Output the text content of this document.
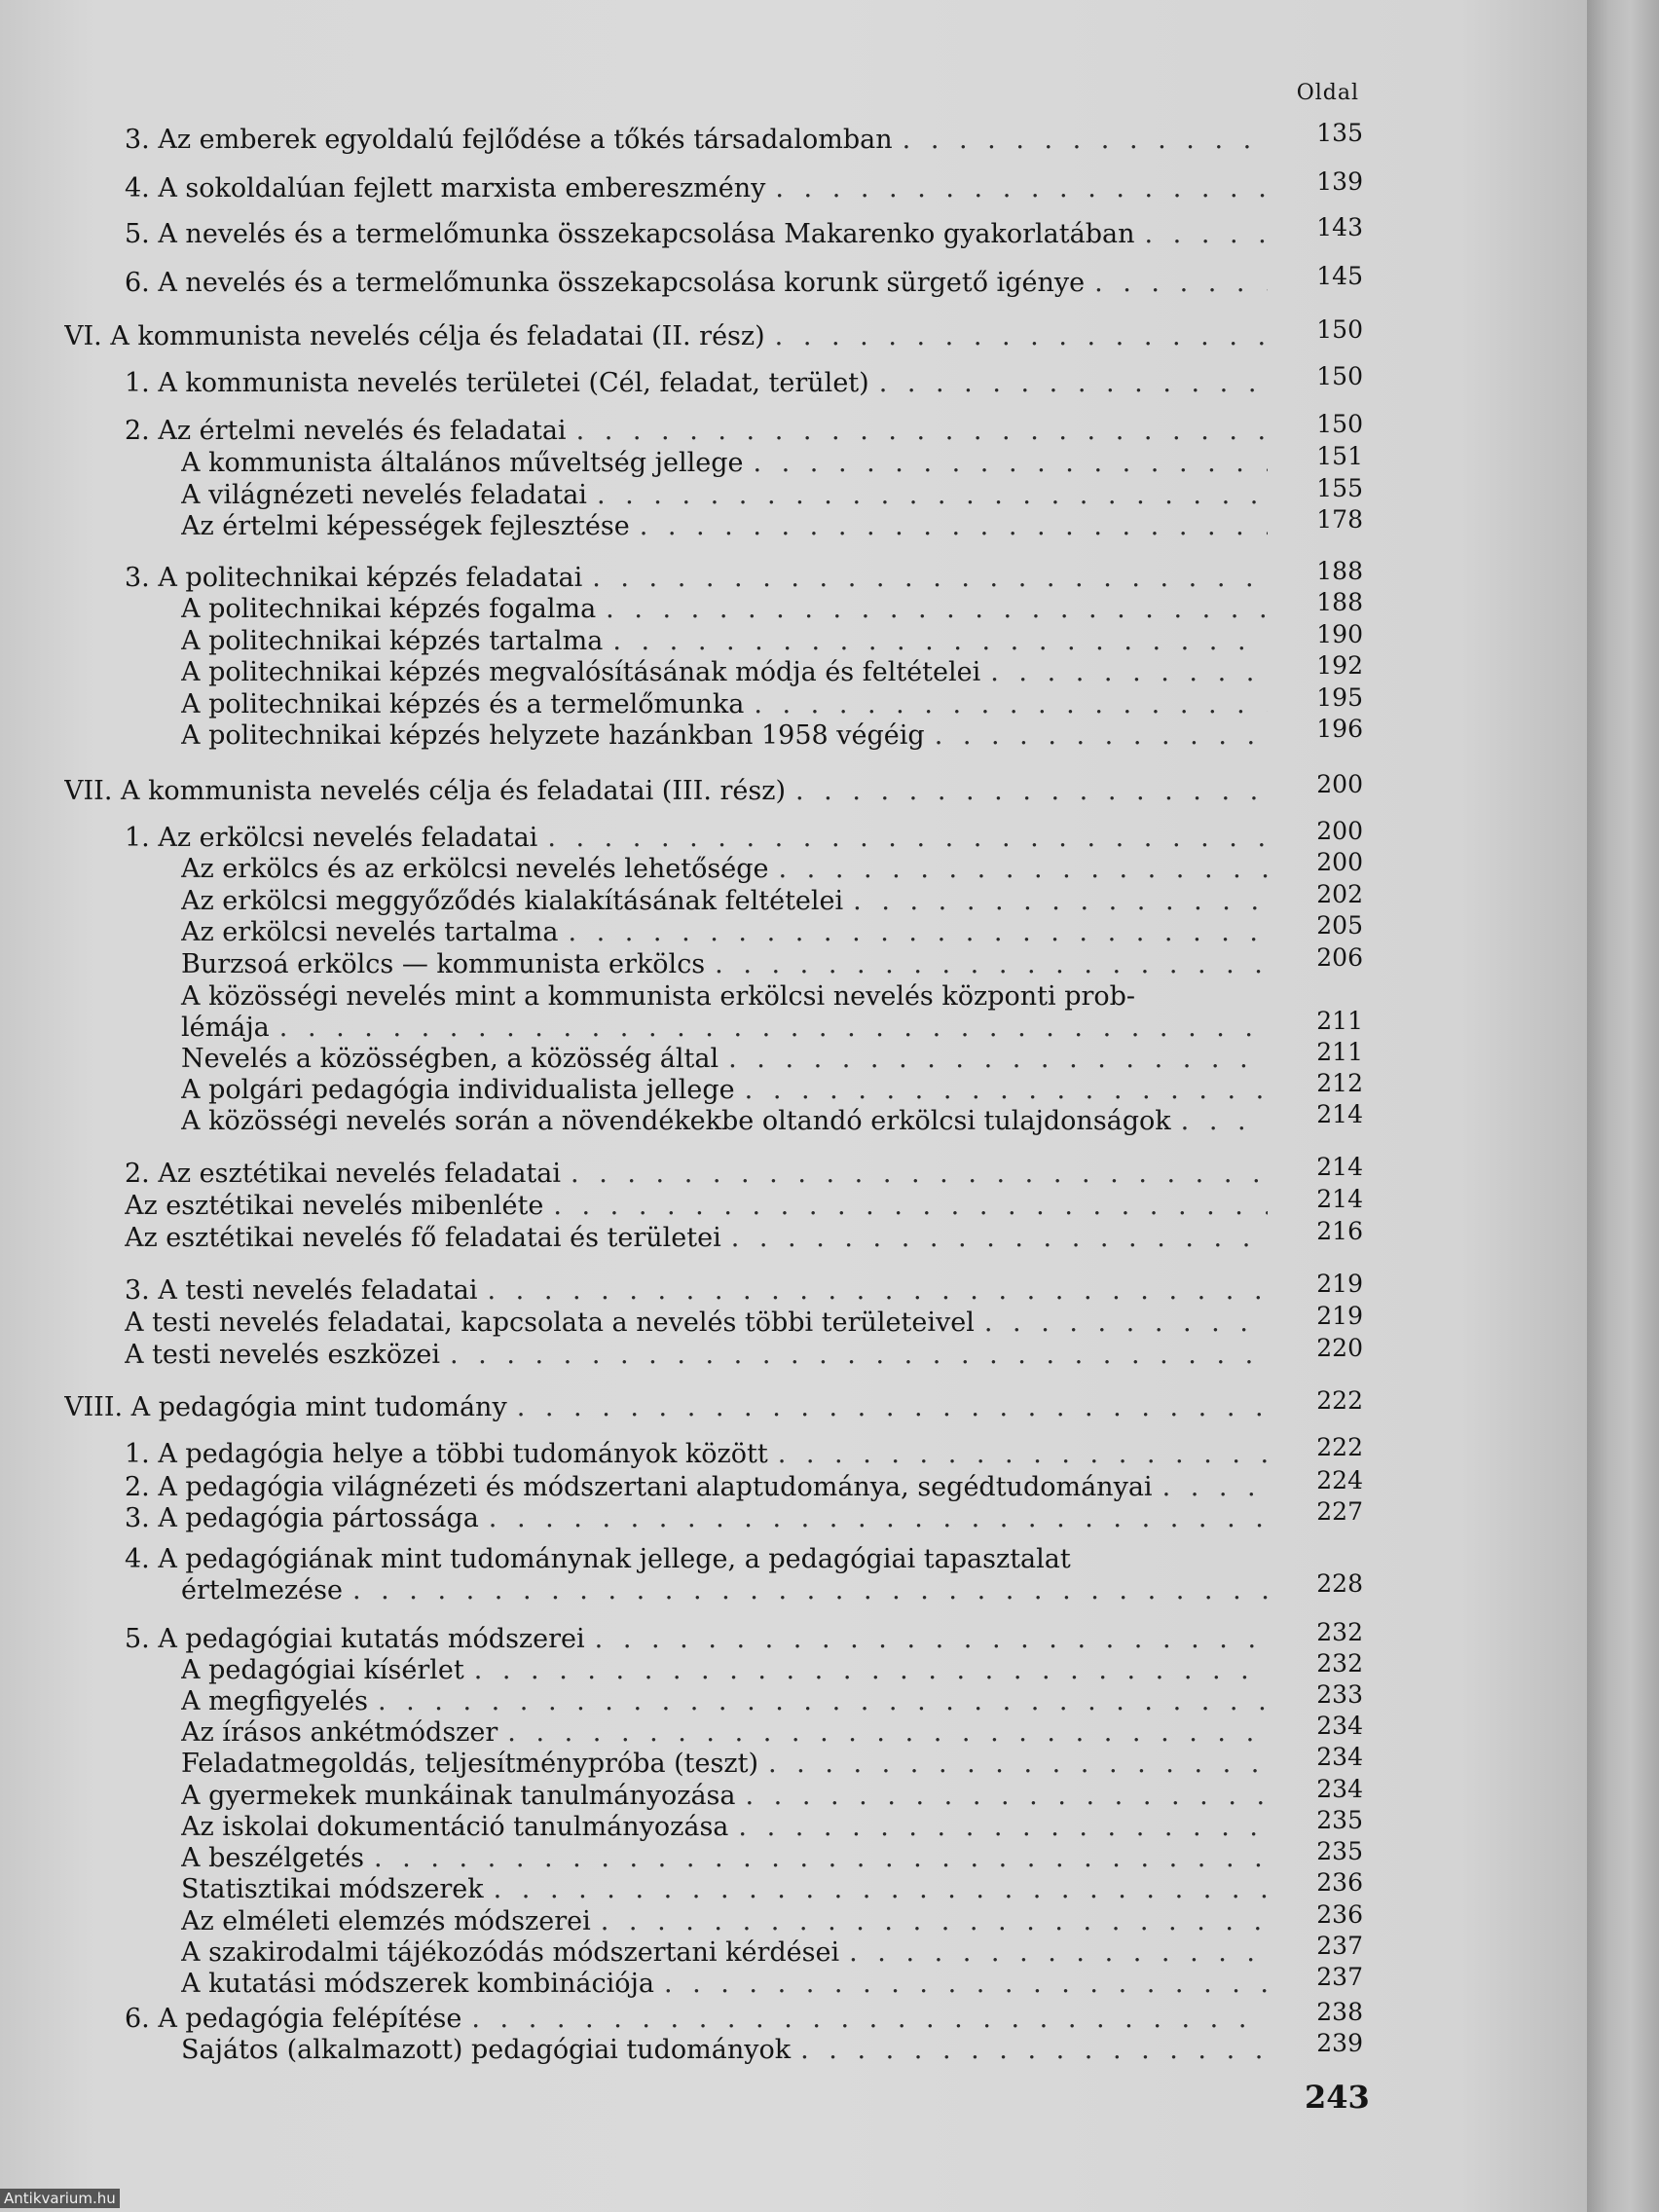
Oldal
3. Az emberek egyoldalú fejlődése a tőkés társadalomban . . .	135
4. A sokoldalúan fejlett marxista embereszmény . . .	139
5. A nevelés és a termelőmunka összekapcsolása Makarenko gyakorlatában . . .	143
6. A nevelés és a termelőmunka összekapcsolása korunk sürgető igénye . . .	145
VI. A kommunista nevelés célja és feladatai (II. rész) . . .	150
1. A kommunista nevelés területei (Cél, feladat, terület) . . .	150
2. Az értelmi nevelés és feladatai . . .	150
A kommunista általános műveltség jellege . . .	151
A világnézeti nevelés feladatai . . .	155
Az értelmi képességek fejlesztése . . .	178
3. A politechnikai képzés feladatai . . .	188
A politechnikai képzés fogalma . . .	188
A politechnikai képzés tartalma . . .	190
A politechnikai képzés megvalósításának módja és feltételei . . .	192
A politechnikai képzés és a termelőmunka . . .	195
A politechnikai képzés helyzete hazánkban 1958 végéig . . .	196
VII. A kommunista nevelés célja és feladatai (III. rész) . . .	200
1. Az erkölcsi nevelés feladatai . . .	200
Az erkölcs és az erkölcsi nevelés lehetősége . . .	200
Az erkölcsi meggyőződés kialakításának feltételei . . .	202
Az erkölcsi nevelés tartalma . . .	205
Burzsoá erkölcs — kommunista erkölcs . . .	206
A közösségi nevelés mint a kommunista erkölcsi nevelés központi prob-
lémája . . .	211
Nevelés a közösségben, a közösség által . . .	211
A polgári pedagógia individualista jellege . . .	212
A közösségi nevelés során a növendékekbe oltandó erkölcsi tulajdonságok . . .	214
2. Az esztétikai nevelés feladatai . . .	214
Az esztétikai nevelés mibenléte . . .	214
Az esztétikai nevelés fő feladatai és területei . . .	216
3. A testi nevelés feladatai . . .	219
A testi nevelés feladatai, kapcsolata a nevelés többi területeivel . . .	219
A testi nevelés eszközei . . .	220
VIII. A pedagógia mint tudomány . . .	222
1. A pedagógia helye a többi tudományok között . . .	222
2. A pedagógia világnézeti és módszertani alaptudománya, segédtudományai . . .	224
3. A pedagógia pártossága . . .	227
4. A pedagógiának mint tudománynak jellege, a pedagógiai tapasztalat
értelmezése . . .	228
5. A pedagógiai kutatás módszerei . . .	232
A pedagógiai kísérlet . . .	232
A megfigyelés . . .	233
Az írásos ankétmódszer . . .	234
Feladatmegoldás, teljesítménypróba (teszt) . . .	234
A gyermekek munkáinak tanulmányozása . . .	234
Az iskolai dokumentáció tanulmányozása . . .	235
A beszélgetés . . .	235
Statisztikai módszerek . . .	236
Az elméleti elemzés módszerei . . .	236
A szakirodalmi tájékozódás módszertani kérdései . . .	237
A kutatási módszerek kombinációja . . .	237
6. A pedagógia felépítése . . .	238
Sajátos (alkalmazott) pedagógiai tudományok . . .	239
243
Antikvarium.hu
